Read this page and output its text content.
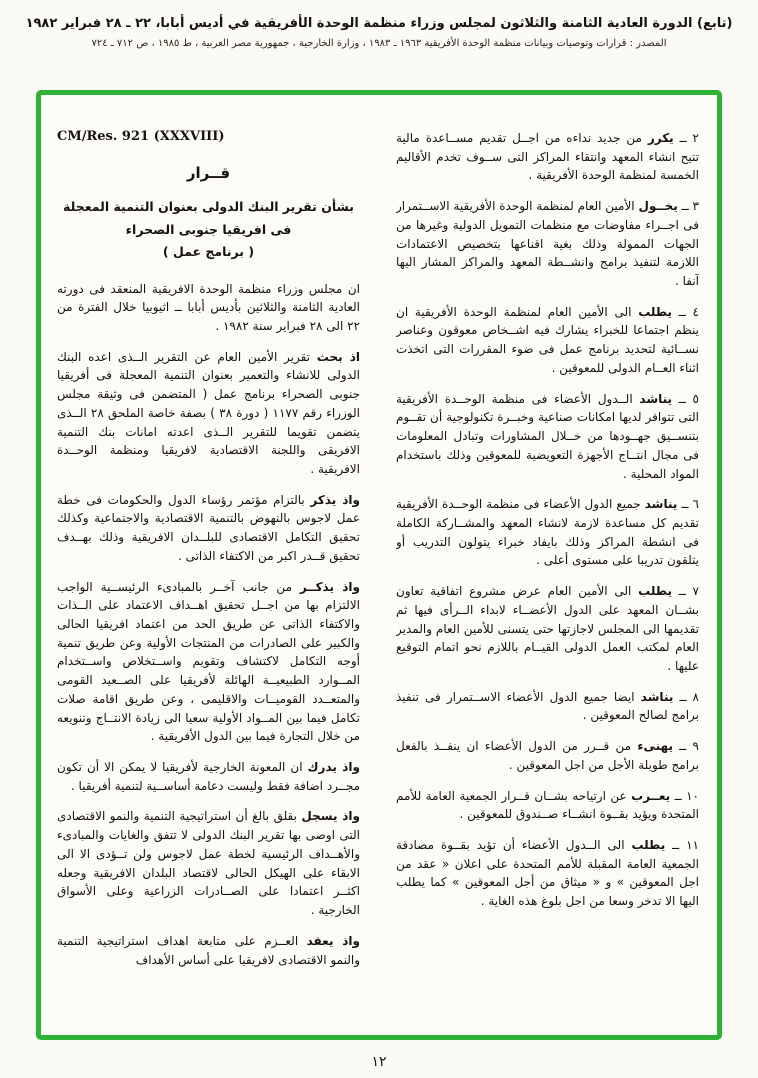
(تابع) الدورة العادية الثامنة والثلاثون لمجلس وزراء منظمة الوحدة الأفريقية في أديس أبابا، ٢٢ ـ ٢٨ فبراير ١٩٨٢
المصدر : قرارات وتوصيات وبيانات منظمة الوحدة الأفريقية ١٩٦٣ ـ ١٩٨٣ ، وزارة الخارجية ، جمهورية مصر العربية ، ط ١٩٨٥ ، ص ٧١٢ ـ ٧٢٤

٢ ــ يكرر من جديد نداءه من اجــل تقديم مســاعدة مالية تتيح انشاء المعهد وانتقاء المراكز التى ســوف تخدم الأقاليم الخمسة لمنظمة الوحدة الأفريقية .

٣ ــ يخــول الأمين العام لمنظمة الوحدة الأفريقية الاســتمرار فى اجــراء مفاوضات مع منظمات التمويل الدولية وغيرها من الجهات الممولة وذلك بغية اقناعها بتخصيص الاعتمادات اللازمة لتنفيذ برامج وانشــطة المعهد والمراكز المشار اليها آنفا .

٤ ــ يطلب الى الأمين العام لمنظمة الوحدة الأفريقية ان ينظم اجتماعا للخبراء يشارك فيه اشــخاص معوقون وعناصر نســائية لتحديد برنامج عمل فى ضوء المقررات التى اتخذت اثناء العــام الدولى للمعوقين .

٥ ــ يناشد الــدول الأعضاء فى منظمة الوحــدة الأفريقية التى تتوافر لديها امكانات صناعية وخبــرة تكنولوجية أن تقــوم بتنســيق جهــودها من خــلال المشاورات وتبادل المعلومات فى مجال انتــاج الأجهزة التعويضية للمعوقين وذلك باستخدام المواد المحلية .

٦ ــ يناشد جميع الدول الأعضاء فى منظمة الوحــدة الأفريقية تقديم كل مساعدة لازمة لانشاء المعهد والمشــاركة الكاملة فى انشطة المراكز وذلك بايفاد خبراء يتولون التدريب أو يتلقون تدريبا على مستوى أعلى .

٧ ــ يطلب الى الأمين العام عرض مشروع اتفاقية تعاون بشــان المعهد على الدول الأعضــاء لابداء الــرأى فيها ثم تقديمها الى المجلس لاجازتها حتى يتسنى للأمين العام والمدير العام لمكتب العمل الدولى القيــام باللازم نحو اتمام التوقيع عليها .

٨ ــ يناشد ايضا جميع الدول الأعضاء الاســتمرار فى تنفيذ برامج لصالح المعوقين .

٩ ــ يهنىء من قــرر من الدول الأعضاء ان ينفــذ بالفعل برامج طويلة الأجل من اجل المعوقين .

١٠ ــ يعــرب عن ارتياحه بشــان قــرار الجمعية العامة للأمم المتحدة ويؤيد بقــوة انشــاء صــندوق للمعوقين .

١١ ــ يطلب الى الــدول الأعضاء أن تؤيد بقــوة مصادقة الجمعية العامة المقبلة للأمم المتحدة على اعلان « عقد من اجل المعوقين » و « ميثاق من أجل المعوقين » كما يطلب اليها الا تدخر وسعا من اجل بلوغ هذه الغاية .

CM/Res. 921 (XXXVIII)
قــرار
بشأن تقرير البنك الدولى بعنوان التنمية المعجلة
فى افريقيا جنوبى الصحراء
( برنامج عمل )

ان مجلس وزراء منظمة الوحدة الافريقية المنعقد فى دورته العادية الثامنة والثلاثين بأديس أبابا ــ اثيوبيا خلال الفترة من ٢٢ الى ٢٨ فبراير سنة ١٩٨٢ .

اذ بحث تقرير الأمين العام عن التقرير الــذى اعده البنك الدولى للانشاء والتعمير بعنوان التنمية المعجلة فى أفريقيا جنوبى الصحراء برنامج عمل ( المتضمن فى وثيقة مجلس الوزراء رقم ١١٧٧ ( دورة ٣٨ ) بصفة خاصة الملحق ٢٨ الــذى يتضمن تقويما للتقرير الــذى اعدته امانات بنك التنمية الافريقى واللجنة الاقتصادية لافريقيا ومنظمة الوحــدة الافريقية .

واذ يذكر بالتزام مؤتمر رؤساء الدول والحكومات فى خطة عمل لاجوس بالنهوض بالتنمية الاقتصادية والاجتماعية وكذلك تحقيق التكامل الاقتصادى للبلــدان الافريقية وذلك بهــدف تحقيق قــدر اكبر من الاكتفاء الذاتى .

واذ يذكــر من جانب آخــر بالمبادىء الرئيســية الواجب الالتزام بها من اجــل تحقيق اهــداف الاعتماد على الــذات والاكتفاء الذاتى عن طريق الحد من اعتماد افريقيا الحالى والكبير على الصادرات من المنتجات الأولية وعن طريق تنمية أوجه التكامل لاكتشاف وتقويم واســتخلاص واســتخدام المــوارد الطبيعيــة الهائلة لأفريقيا على الصــعيد القومى والمتعــدد القوميــات والاقليمى ، وعن طريق اقامة صلات تكامل فيما بين المــواد الأولية سعيا الى زيادة الانتــاج وتنويعه من خلال التجارة فيما بين الدول الأفريقية .

واذ يدرك ان المعونة الخارجية لأفريقيا لا يمكن الا أن تكون مجــرد اضافة فقط وليست دعامة أساســية لتنمية أفريقيا .

واذ يسجل بقلق بالغ أن استراتيجية التنمية والنمو الاقتصادى التى اوصى بها تقرير البنك الدولى لا تتفق والغايات والمبادىء والأهــداف الرئيسية لخطة عمل لاجوس ولن تــؤدى الا الى الابقاء على الهيكل الحالى لاقتصاد البلدان الافريقية وجعله اكثــر اعتمادا على الصــادرات الزراعية وعلى الأسواق الخارجية .

واذ يعقد العــزم على متابعة اهداف استراتيجية التنمية والنمو الاقتصادى لافريقيا على أساس الأهداف

١٢
